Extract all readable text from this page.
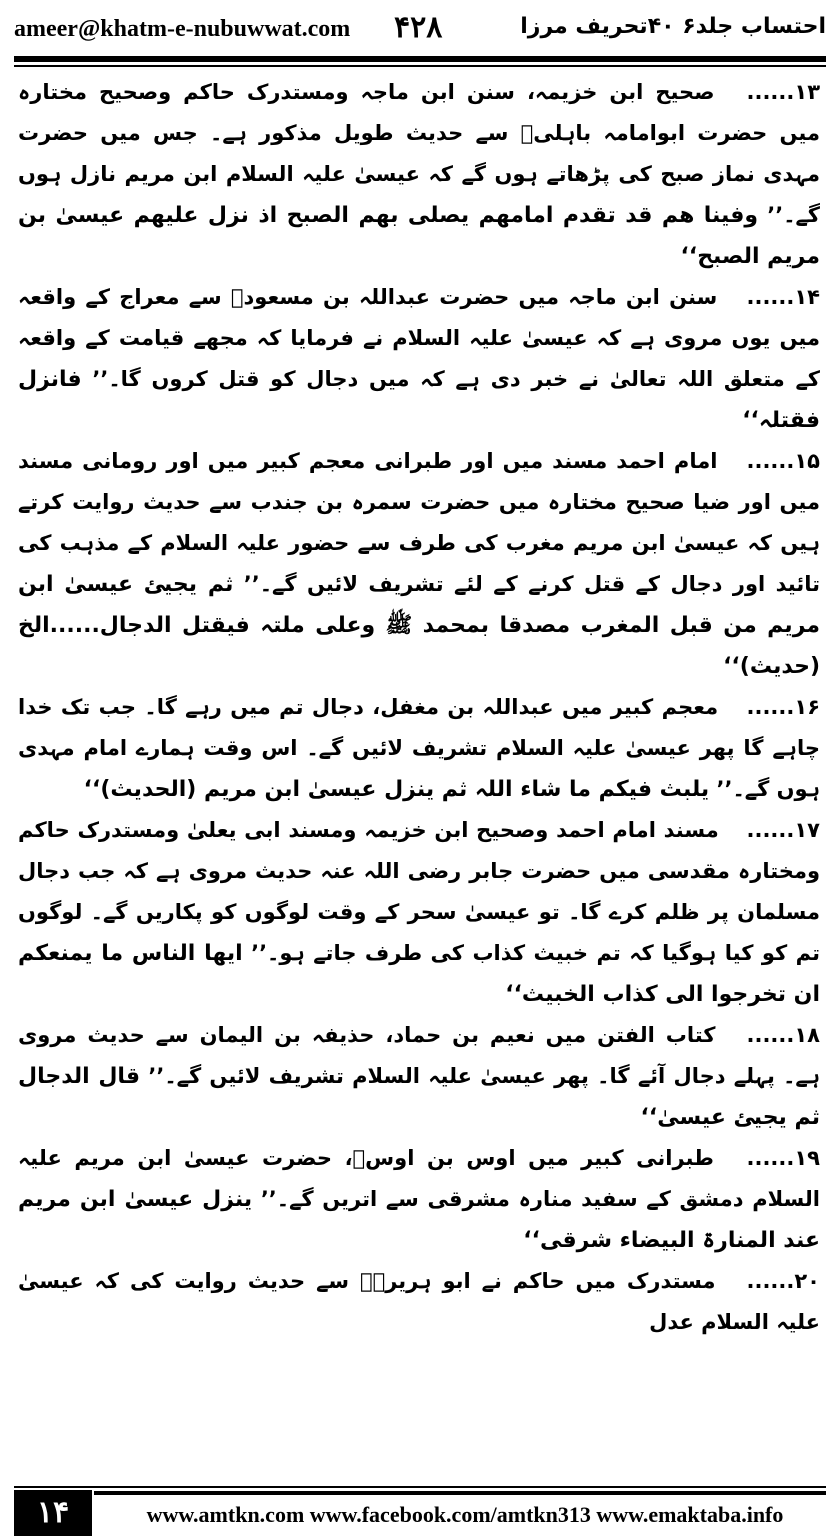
ameer@khatm-e-nubuwwat.com ۴۲۸	احتساب جلد۶ ۴۰تحریف مرزا

۱۳...... صحیح ابن خزیمہ، سنن ابن ماجہ ومستدرک حاکم وصحیح مختارہ میں حضرت ابوامامہ باہلیؓ سے حدیث طویل مذکور ہے۔ جس میں حضرت مہدی نماز صبح کی پڑھاتے ہوں گے کہ عیسیٰ علیہ السلام ابن مریم نازل ہوں گے۔’’ وفینا ھم قد تقدم امامھم یصلی بھم الصبح اذ نزل علیھم عیسیٰ بن مریم الصبح‘‘

۱۴...... سنن ابن ماجہ میں حضرت عبداللہ بن مسعودؓ سے معراج کے واقعہ میں یوں مروی ہے کہ عیسیٰ علیہ السلام نے فرمایا کہ مجھے قیامت کے واقعہ کے متعلق اللہ تعالیٰ نے خبر دی ہے کہ میں دجال کو قتل کروں گا۔’’ فانزل فقتلہ‘‘

۱۵...... امام احمد مسند میں اور طبرانی معجم کبیر میں اور رومانی مسند میں اور ضیا صحیح مختارہ میں حضرت سمرہ بن جندب سے حدیث روایت کرتے ہیں کہ عیسیٰ ابن مریم مغرب کی طرف سے حضور علیہ السلام کے مذہب کی تائید اور دجال کے قتل کرنے کے لئے تشریف لائیں گے۔’’ ثم یجیئ عیسیٰ ابن مریم من قبل المغرب مصدقا بمحمد ﷺ وعلی ملتہ فیقتل الدجال......الخ (حدیث)‘‘

۱۶...... معجم کبیر میں عبداللہ بن مغفل، دجال تم میں رہے گا۔ جب تک خدا چاہے گا پھر عیسیٰ علیہ السلام تشریف لائیں گے۔ اس وقت ہمارے امام مہدی ہوں گے۔’’ یلبث فیکم ما شاء اللہ ثم ینزل عیسیٰ ابن مریم (الحدیث)‘‘

۱۷...... مسند امام احمد وصحیح ابن خزیمہ ومسند ابی یعلیٰ ومستدرک حاکم ومختارہ مقدسی میں حضرت جابر رضی اللہ عنہ حدیث مروی ہے کہ جب دجال مسلمان پر ظلم کرے گا۔ تو عیسیٰ سحر کے وقت لوگوں کو پکاریں گے۔ لوگوں تم کو کیا ہوگیا کہ تم خبیث کذاب کی طرف جاتے ہو۔’’ ایھا الناس ما یمنعکم ان تخرجوا الی کذاب الخبیث‘‘

۱۸...... کتاب الفتن میں نعیم بن حماد، حذیفہ بن الیمان سے حدیث مروی ہے۔ پہلے دجال آئے گا۔ پھر عیسیٰ علیہ السلام تشریف لائیں گے۔’’ قال الدجال ثم یجیئ عیسیٰ‘‘

۱۹...... طبرانی کبیر میں اوس بن اوسؓ، حضرت عیسیٰ ابن مریم علیہ السلام دمشق کے سفید منارہ مشرقی سے اتریں گے۔’’ ینزل عیسیٰ ابن مریم عند المنارۃ البیضاء شرقی‘‘

۲۰...... مستدرک میں حاکم نے ابو ہریرہؓ سے حدیث روایت کی کہ عیسیٰ علیہ السلام عدل

۱۴	www.amtkn.com www.facebook.com/amtkn313 www.emaktaba.info
